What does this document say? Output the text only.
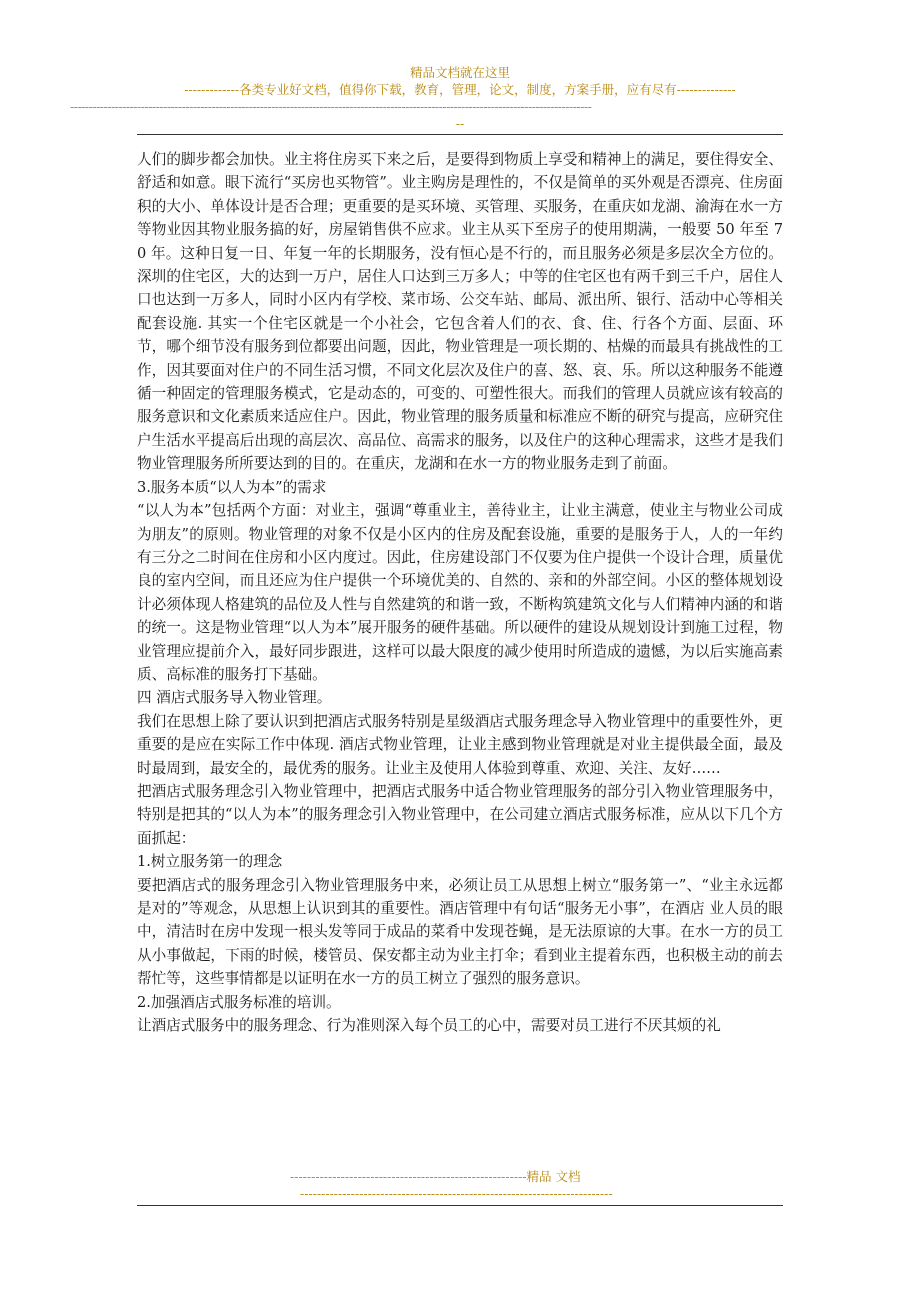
精品文档就在这里
-------------各类专业好文档，值得你下载，教育，管理，论文，制度，方案手册，应有尽有--------------
--------------------------------------------------------------------------------------------------------------------------------------------
--

人们的脚步都会加快。业主将住房买下来之后，是要得到物质上享受和精神上的满足，要住得安全、舒适和如意。眼下流行“买房也买物管”。业主购房是理性的，不仅是简单的买外观是否漂亮、住房面积的大小、单体设计是否合理；更重要的是买环境、买管理、买服务，在重庆如龙湖、渝海在水一方等物业因其物业服务搞的好，房屋销售供不应求。业主从买下至房子的使用期满，一般要 50 年至 70 年。这种日复一日、年复一年的长期服务，没有恒心是不行的，而且服务必须是多层次全方位的。深圳的住宅区，大的达到一万户，居住人口达到三万多人；中等的住宅区也有两千到三千户，居住人口也达到一万多人，同时小区内有学校、菜市场、公交车站、邮局、派出所、银行、活动中心等相关配套设施. 其实一个住宅区就是一个小社会，它包含着人们的衣、食、住、行各个方面、层面、环节，哪个细节没有服务到位都要出问题，因此，物业管理是一项长期的、枯燥的而最具有挑战性的工作，因其要面对住户的不同生活习惯，不同文化层次及住户的喜、怒、哀、乐。所以这种服务不能遵循一种固定的管理服务模式，它是动态的，可变的、可塑性很大。而我们的管理人员就应该有较高的服务意识和文化素质来适应住户。因此，物业管理的服务质量和标准应不断的研究与提高，应研究住户生活水平提高后出现的高层次、高品位、高需求的服务，以及住户的这种心理需求，这些才是我们物业管理服务所所要达到的目的。在重庆，龙湖和在水一方的物业服务走到了前面。

3.服务本质“以人为本”的需求

“以人为本”包括两个方面：对业主，强调“尊重业主，善待业主，让业主满意，使业主与物业公司成为朋友”的原则。物业管理的对象不仅是小区内的住房及配套设施，重要的是服务于人，人的一年约有三分之二时间在住房和小区内度过。因此，住房建设部门不仅要为住户提供一个设计合理，质量优良的室内空间，而且还应为住户提供一个环境优美的、自然的、亲和的外部空间。小区的整体规划设计必须体现人格建筑的品位及人性与自然建筑的和谐一致，不断构筑建筑文化与人们精神内涵的和谐的统一。这是物业管理“以人为本”展开服务的硬件基础。所以硬件的建设从规划设计到施工过程，物业管理应提前介入，最好同步跟进，这样可以最大限度的减少使用时所造成的遗憾，为以后实施高素质、高标准的服务打下基础。

四 酒店式服务导入物业管理。

我们在思想上除了要认识到把酒店式服务特别是星级酒店式服务理念导入物业管理中的重要性外，更重要的是应在实际工作中体现. 酒店式物业管理，让业主感到物业管理就是对业主提供最全面，最及时最周到，最安全的，最优秀的服务。让业主及使用人体验到尊重、欢迎、关注、友好……

把酒店式服务理念引入物业管理中，把酒店式服务中适合物业管理服务的部分引入物业管理服务中，特别是把其的“以人为本”的服务理念引入物业管理中，在公司建立酒店式服务标准，应从以下几个方面抓起：

1.树立服务第一的理念

要把酒店式的服务理念引入物业管理服务中来，必须让员工从思想上树立“服务第一”、“业主永远都是对的”等观念，从思想上认识到其的重要性。酒店管理中有句话“服务无小事”，在酒店 业人员的眼中，清洁时在房中发现一根头发等同于成品的菜肴中发现苍蝇，是无法原谅的大事。在水一方的员工从小事做起，下雨的时候，楼管员、保安都主动为业主打伞；看到业主提着东西，也积极主动的前去帮忙等，这些事情都是以证明在水一方的员工树立了强烈的服务意识。

2.加强酒店式服务标准的培训。

让酒店式服务中的服务理念、行为准则深入每个员工的心中，需要对员工进行不厌其烦的礼

--------------------------------------------------------精品 文档
--------------------------------------------------------------------------
